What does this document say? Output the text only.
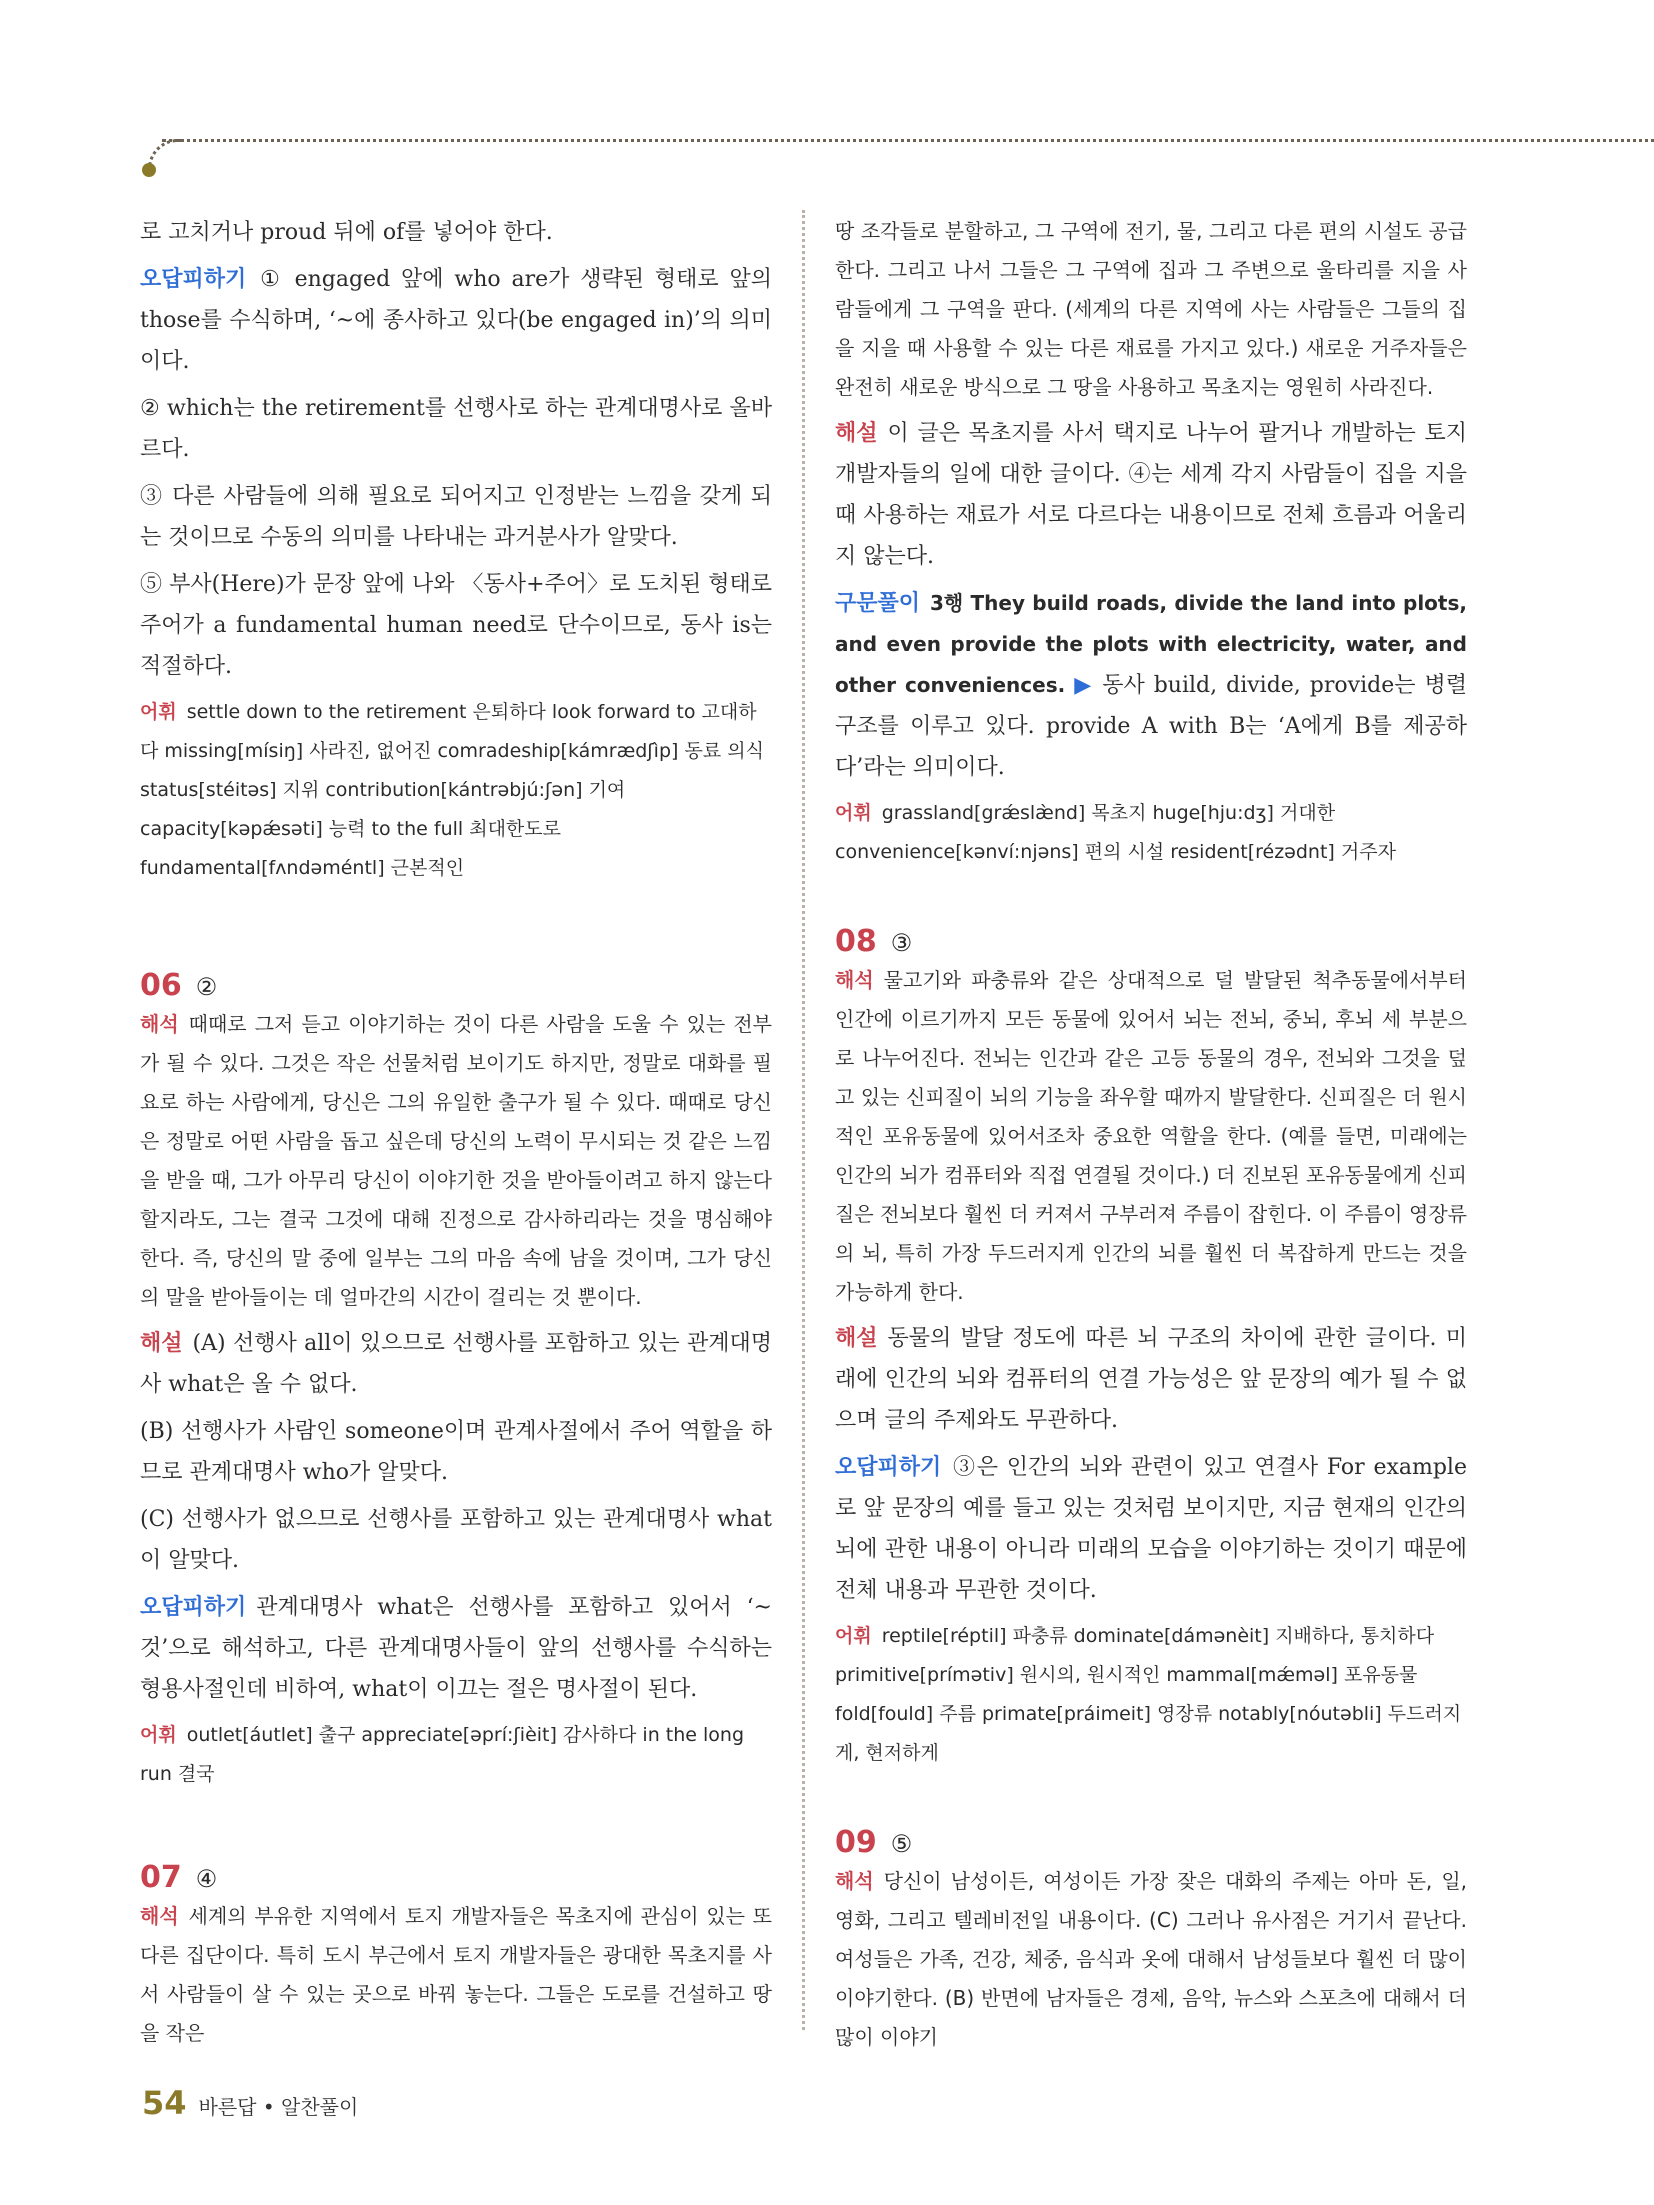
로 고치거나 proud 뒤에 of를 넣어야 한다.

오답피하기 ① engaged 앞에 who are가 생략된 형태로 앞의 those를 수식하며, ‘~에 종사하고 있다(be engaged in)’의 의미이다.

② which는 the retirement를 선행사로 하는 관계대명사로 올바르다.

③ 다른 사람들에 의해 필요로 되어지고 인정받는 느낌을 갖게 되는 것이므로 수동의 의미를 나타내는 과거분사가 알맞다.

⑤ 부사(Here)가 문장 앞에 나와 〈동사+주어〉로 도치된 형태로 주어가 a fundamental human need로 단수이므로, 동사 is는 적절하다.

어휘 settle down to the retirement 은퇴하다 look forward to 고대하다 missing[mísiŋ] 사라진, 없어진 comradeship[kámrædʃìp] 동료 의식 status[stéitəs] 지위 contribution[kántrəbjú:ʃən] 기여 capacity[kəpǽsəti] 능력 to the full 최대한도로 fundamental[fʌndəméntl] 근본적인

06 ②

해석 때때로 그저 듣고 이야기하는 것이 다른 사람을 도울 수 있는 전부가 될 수 있다. 그것은 작은 선물처럼 보이기도 하지만, 정말로 대화를 필요로 하는 사람에게, 당신은 그의 유일한 출구가 될 수 있다. 때때로 당신은 정말로 어떤 사람을 돕고 싶은데 당신의 노력이 무시되는 것 같은 느낌을 받을 때, 그가 아무리 당신이 이야기한 것을 받아들이려고 하지 않는다 할지라도, 그는 결국 그것에 대해 진정으로 감사하리라는 것을 명심해야 한다. 즉, 당신의 말 중에 일부는 그의 마음 속에 남을 것이며, 그가 당신의 말을 받아들이는 데 얼마간의 시간이 걸리는 것 뿐이다.

해설 (A) 선행사 all이 있으므로 선행사를 포함하고 있는 관계대명사 what은 올 수 없다.

(B) 선행사가 사람인 someone이며 관계사절에서 주어 역할을 하므로 관계대명사 who가 알맞다.

(C) 선행사가 없으므로 선행사를 포함하고 있는 관계대명사 what이 알맞다.

오답피하기 관계대명사 what은 선행사를 포함하고 있어서 ‘~것’으로 해석하고, 다른 관계대명사들이 앞의 선행사를 수식하는 형용사절인데 비하여, what이 이끄는 절은 명사절이 된다.

어휘 outlet[áutlet] 출구 appreciate[əprí:ʃièit] 감사하다 in the long run 결국

07 ④

해석 세계의 부유한 지역에서 토지 개발자들은 목초지에 관심이 있는 또 다른 집단이다. 특히 도시 부근에서 토지 개발자들은 광대한 목초지를 사서 사람들이 살 수 있는 곳으로 바꿔 놓는다. 그들은 도로를 건설하고 땅을 작은

땅 조각들로 분할하고, 그 구역에 전기, 물, 그리고 다른 편의 시설도 공급한다. 그리고 나서 그들은 그 구역에 집과 그 주변으로 울타리를 지을 사람들에게 그 구역을 판다. (세계의 다른 지역에 사는 사람들은 그들의 집을 지을 때 사용할 수 있는 다른 재료를 가지고 있다.) 새로운 거주자들은 완전히 새로운 방식으로 그 땅을 사용하고 목초지는 영원히 사라진다.

해설 이 글은 목초지를 사서 택지로 나누어 팔거나 개발하는 토지 개발자들의 일에 대한 글이다. ④는 세계 각지 사람들이 집을 지을 때 사용하는 재료가 서로 다르다는 내용이므로 전체 흐름과 어울리지 않는다.

구문풀이 3행 They build roads, divide the land into plots, and even provide the plots with electricity, water, and other conveniences. ▶ 동사 build, divide, provide는 병렬구조를 이루고 있다. provide A with B는 ‘A에게 B를 제공하다’라는 의미이다.

어휘 grassland[grǽslæ̀nd] 목초지 huge[hju:dʒ] 거대한 convenience[kənví:njəns] 편의 시설 resident[rézədnt] 거주자

08 ③

해석 물고기와 파충류와 같은 상대적으로 덜 발달된 척추동물에서부터 인간에 이르기까지 모든 동물에 있어서 뇌는 전뇌, 중뇌, 후뇌 세 부분으로 나누어진다. 전뇌는 인간과 같은 고등 동물의 경우, 전뇌와 그것을 덮고 있는 신피질이 뇌의 기능을 좌우할 때까지 발달한다. 신피질은 더 원시적인 포유동물에 있어서조차 중요한 역할을 한다. (예를 들면, 미래에는 인간의 뇌가 컴퓨터와 직접 연결될 것이다.) 더 진보된 포유동물에게 신피질은 전뇌보다 훨씬 더 커져서 구부러져 주름이 잡힌다. 이 주름이 영장류의 뇌, 특히 가장 두드러지게 인간의 뇌를 훨씬 더 복잡하게 만드는 것을 가능하게 한다.

해설 동물의 발달 정도에 따른 뇌 구조의 차이에 관한 글이다. 미래에 인간의 뇌와 컴퓨터의 연결 가능성은 앞 문장의 예가 될 수 없으며 글의 주제와도 무관하다.

오답피하기 ③은 인간의 뇌와 관련이 있고 연결사 For example로 앞 문장의 예를 들고 있는 것처럼 보이지만, 지금 현재의 인간의 뇌에 관한 내용이 아니라 미래의 모습을 이야기하는 것이기 때문에 전체 내용과 무관한 것이다.

어휘 reptile[réptil] 파충류 dominate[dámənèit] 지배하다, 통치하다 primitive[prímətiv] 원시의, 원시적인 mammal[mǽməl] 포유동물 fold[fould] 주름 primate[práimeit] 영장류 notably[nóutəbli] 두드러지게, 현저하게

09 ⑤

해석 당신이 남성이든, 여성이든 가장 잦은 대화의 주제는 아마 돈, 일, 영화, 그리고 텔레비전일 내용이다. (C) 그러나 유사점은 거기서 끝난다. 여성들은 가족, 건강, 체중, 음식과 옷에 대해서 남성들보다 훨씬 더 많이 이야기한다. (B) 반면에 남자들은 경제, 음악, 뉴스와 스포츠에 대해서 더 많이 이야기

54 바른답 • 알찬풀이
